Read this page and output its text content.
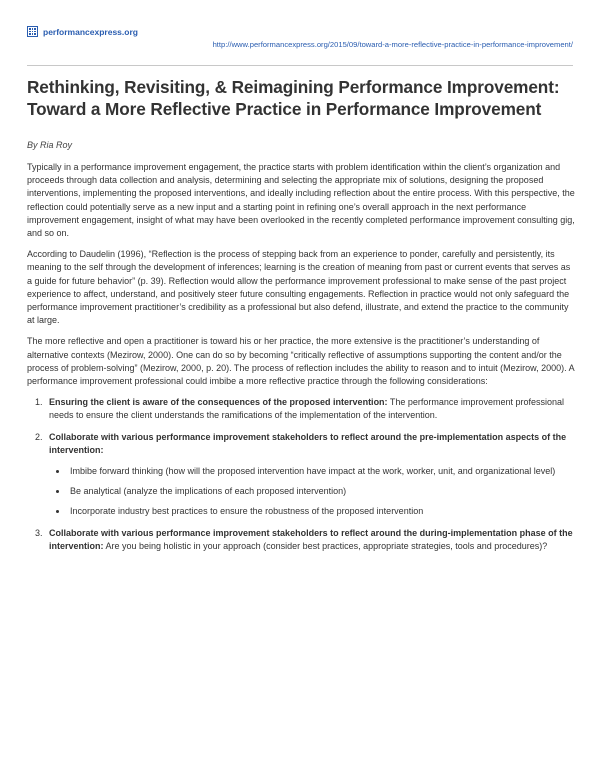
performancexpress.org
http://www.performancexpress.org/2015/09/toward-a-more-reflective-practice-in-performance-improvement/
Rethinking, Revisiting, & Reimagining Performance Improvement: Toward a More Reflective Practice in Performance Improvement

By Ria Roy

Typically in a performance improvement engagement, the practice starts with problem identification within the client’s organization and proceeds through data collection and analysis, determining and selecting the appropriate mix of solutions, designing the proposed interventions, implementing the proposed interventions, and ideally including reflection about the entire process. With this perspective, the reflection could potentially serve as a new input and a starting point in refining one’s overall approach in the next performance improvement engagement, insight of what may have been overlooked in the recently completed performance improvement consulting gig, and so on.

According to Daudelin (1996), “Reflection is the process of stepping back from an experience to ponder, carefully and persistently, its meaning to the self through the development of inferences; learning is the creation of meaning from past or current events that serves as a guide for future behavior” (p. 39). Reflection would allow the performance improvement professional to make sense of the past project experience to affect, understand, and positively steer future consulting engagements. Reflection in practice would not only safeguard the performance improvement practitioner’s credibility as a professional but also defend, illustrate, and extend the practice to the community at large.

The more reflective and open a practitioner is toward his or her practice, the more extensive is the practitioner’s understanding of alternative contexts (Mezirow, 2000). One can do so by becoming “critically reflective of assumptions supporting the content and/or the process of problem-solving” (Mezirow, 2000, p. 20). The process of reflection includes the ability to reason and to intuit (Mezirow, 2000). A performance improvement professional could imbibe a more reflective practice through the following considerations:

1. Ensuring the client is aware of the consequences of the proposed intervention: The performance improvement professional needs to ensure the client understands the ramifications of the implementation of the intervention.
2. Collaborate with various performance improvement stakeholders to reflect around the pre-implementation aspects of the intervention:
Imbibe forward thinking (how will the proposed intervention have impact at the work, worker, unit, and organizational level)
Be analytical (analyze the implications of each proposed intervention)
Incorporate industry best practices to ensure the robustness of the proposed intervention
3. Collaborate with various performance improvement stakeholders to reflect around the during-implementation phase of the intervention: Are you being holistic in your approach (consider best practices, appropriate strategies, tools and procedures)?
